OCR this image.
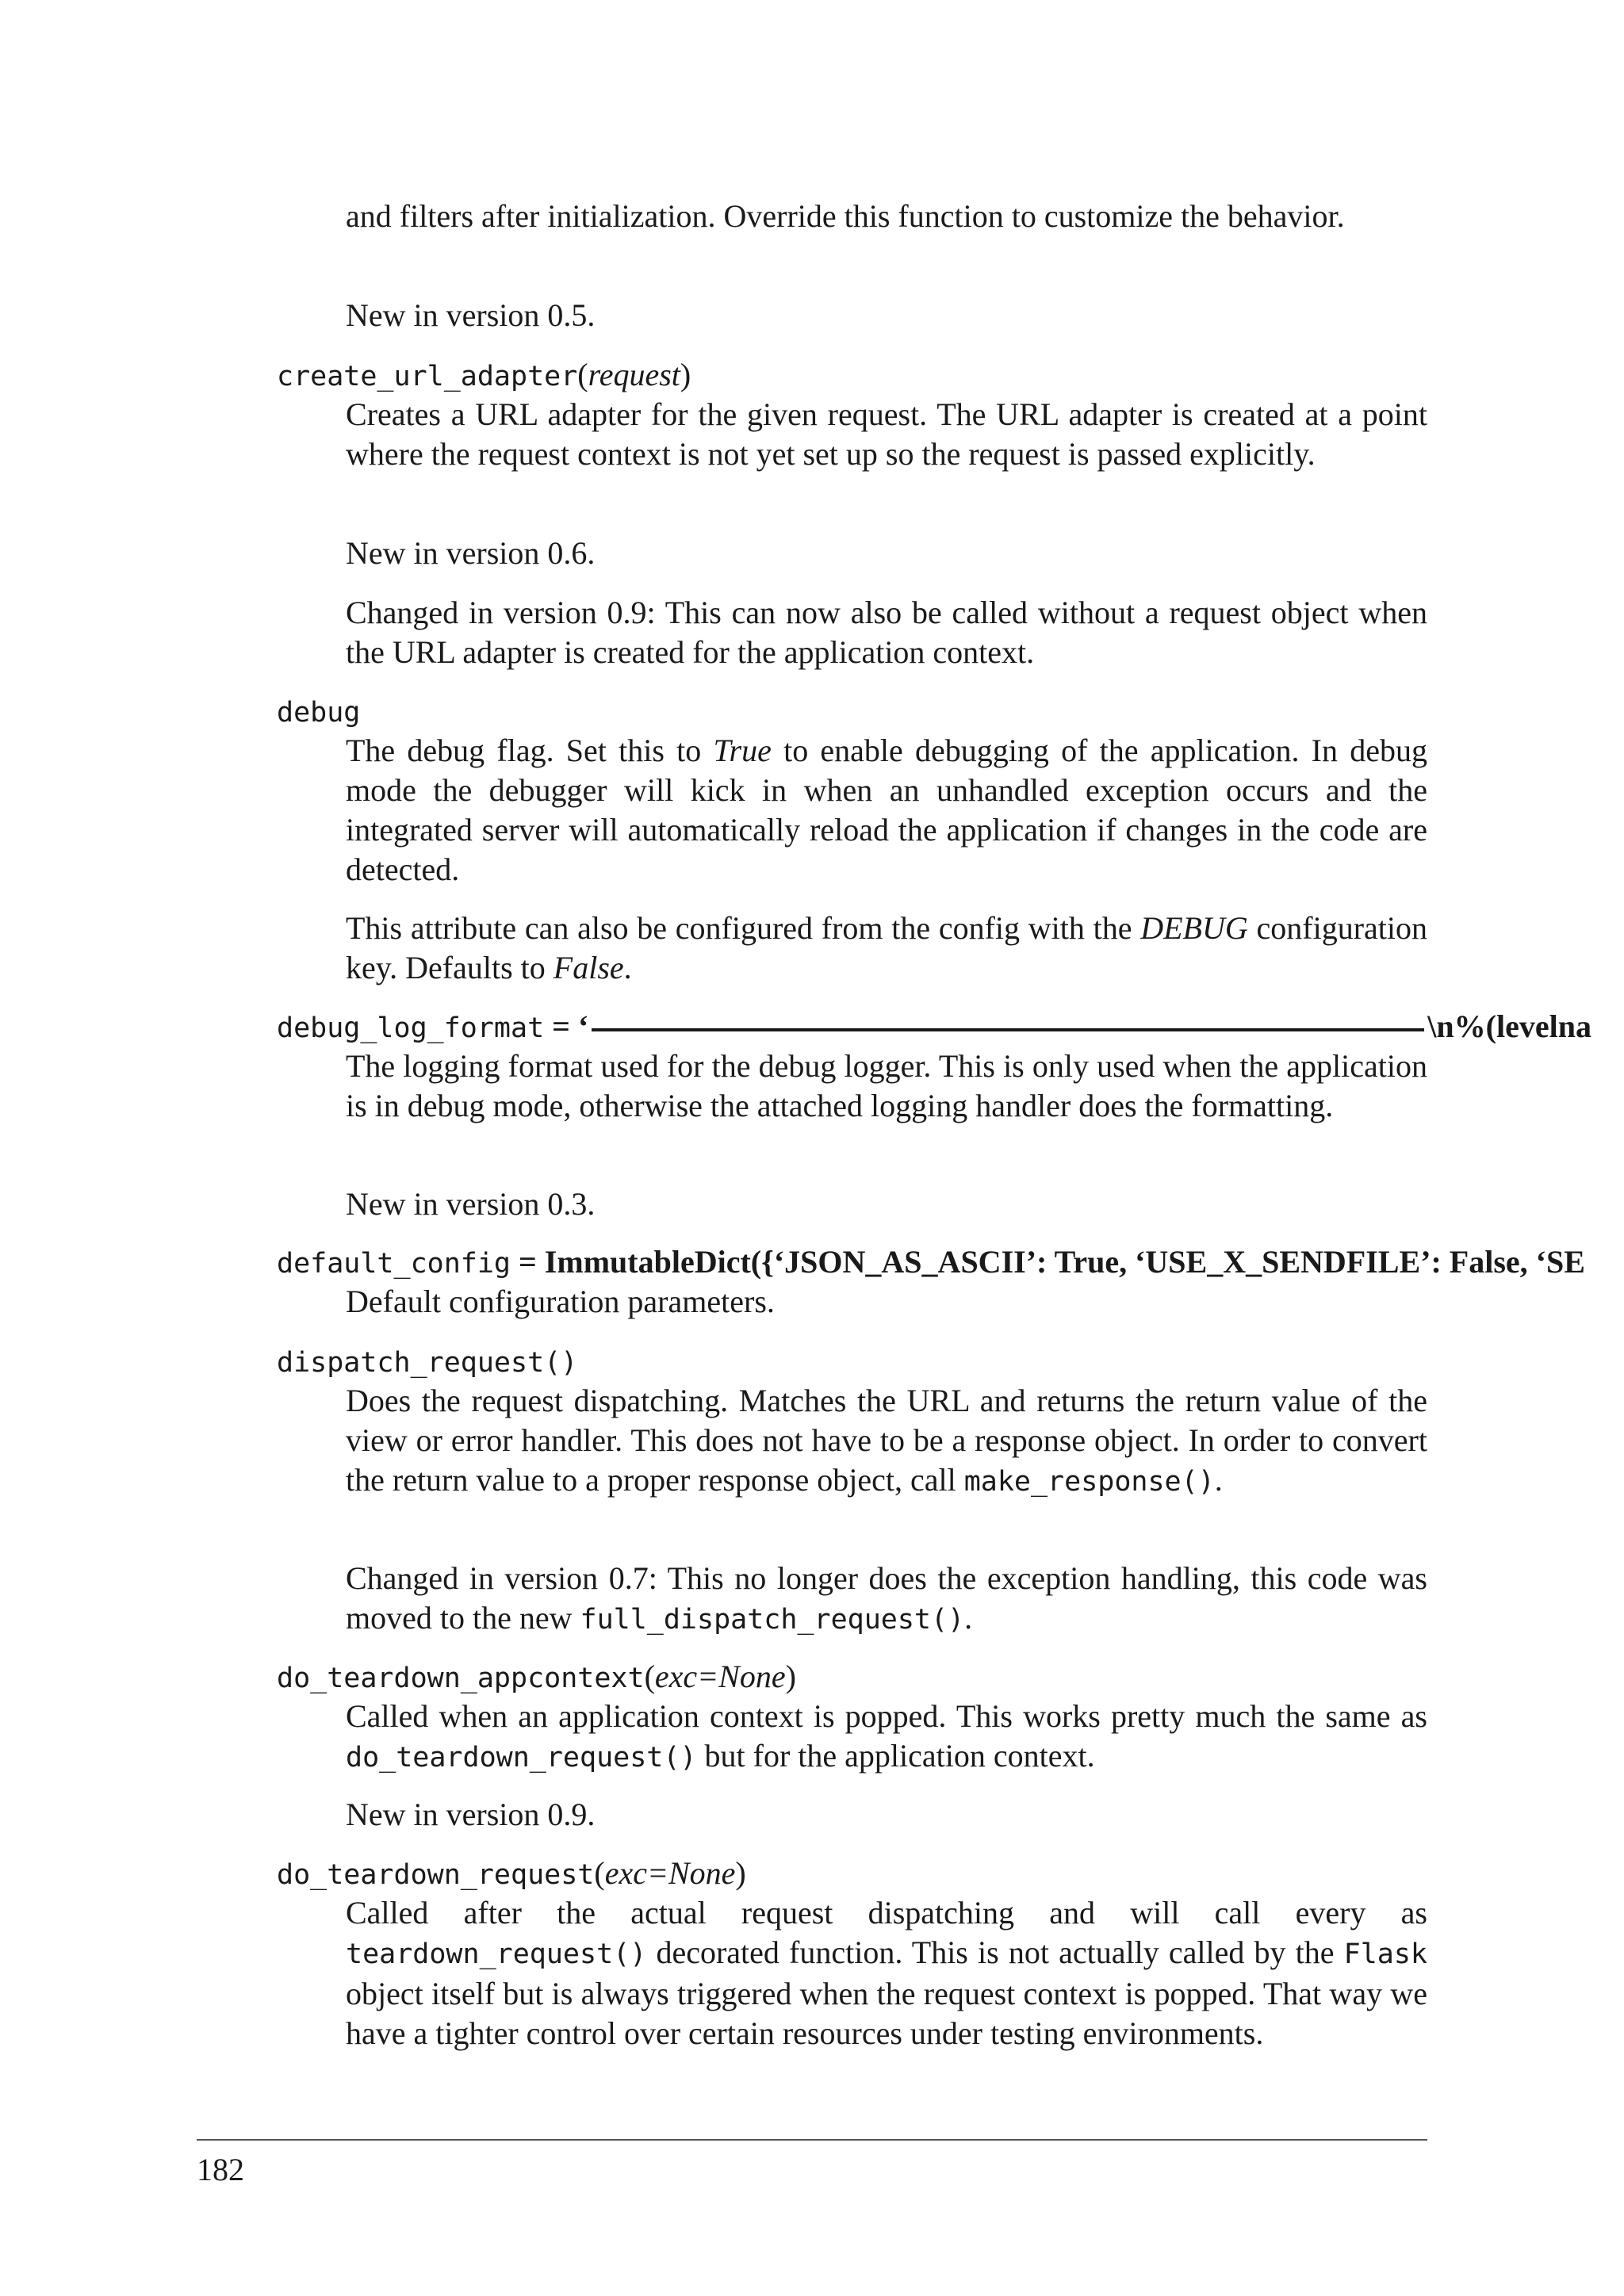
and filters after initialization. Override this function to customize the behavior.

New in version 0.5.

create_url_adapter(request)

Creates a URL adapter for the given request. The URL adapter is created at a point where the request context is not yet set up so the request is passed explicitly.

New in version 0.6.

Changed in version 0.9: This can now also be called without a request object when the URL adapter is created for the application context.

debug

The debug flag. Set this to True to enable debugging of the application. In debug mode the debugger will kick in when an unhandled exception occurs and the integrated server will automatically reload the application if changes in the code are detected.

This attribute can also be configured from the config with the DEBUG configuration key. Defaults to False.

debug_log_format = ‘	\n%(levelna

The logging format used for the debug logger. This is only used when the application is in debug mode, otherwise the attached logging handler does the formatting.

New in version 0.3.

default_config = ImmutableDict({‘JSON_AS_ASCII’: True, ‘USE_X_SENDFILE’: False, ‘SE

Default configuration parameters.

dispatch_request()

Does the request dispatching. Matches the URL and returns the return value of the view or error handler. This does not have to be a response object. In order to convert the return value to a proper response object, call make_response().

Changed in version 0.7: This no longer does the exception handling, this code was moved to the new full_dispatch_request().

do_teardown_appcontext(exc=None)

Called when an application context is popped. This works pretty much the same as do_teardown_request() but for the application context.

New in version 0.9.

do_teardown_request(exc=None)

Called after the actual request dispatching and will call every as teardown_request() decorated function. This is not actually called by the Flask object itself but is always triggered when the request context is popped. That way we have a tighter control over certain resources under testing environments.

182
